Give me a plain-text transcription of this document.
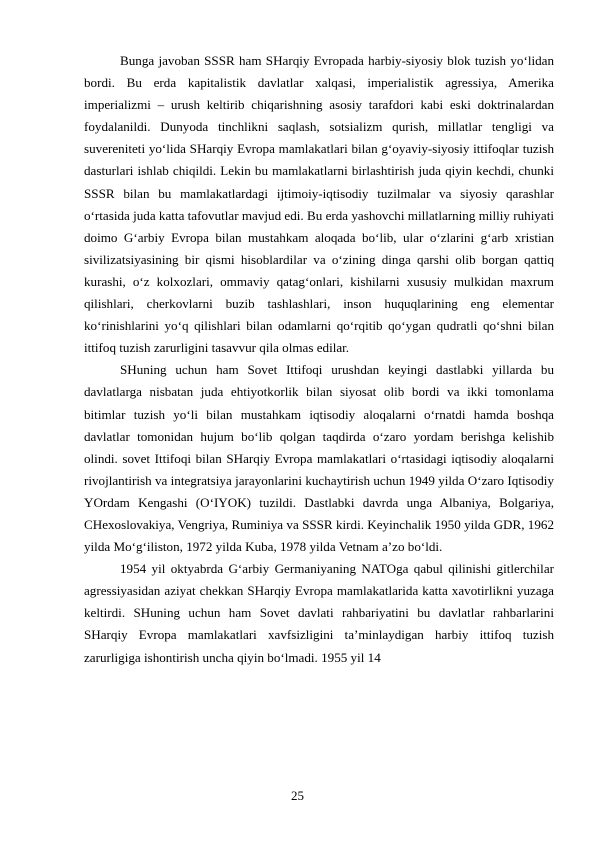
Bunga javoban SSSR ham SHarqiy Evropada harbiy-siyosiy blok tuzish yo‘lidan bordi. Bu erda kapitalistik davlatlar xalqasi, imperialistik agressiya, Amerika imperializmi – urush keltirib chiqarishning asosiy tarafdori kabi eski doktrinalardan foydalanildi. Dunyoda tinchlikni saqlash, sotsializm qurish, millatlar tengligi va suvereniteti yo‘lida SHarqiy Evropa mamlakatlari bilan g‘oyaviy-siyosiy ittifoqlar tuzish dasturlari ishlab chiqildi. Lekin bu mamlakatlarni birlashtirish juda qiyin kechdi, chunki SSSR bilan bu mamlakatlardagi ijtimoiy-iqtisodiy tuzilmalar va siyosiy qarashlar o‘rtasida juda katta tafovutlar mavjud edi. Bu erda yashovchi millatlarning milliy ruhiyati doimo G‘arbiy Evropa bilan mustahkam aloqada bo‘lib, ular o‘zlarini g‘arb xristian sivilizatsiyasining bir qismi hisoblardilar va o‘zining dinga qarshi olib borgan qattiq kurashi, o‘z kolxozlari, ommaviy qatag‘onlari, kishilarni xususiy mulkidan maxrum qilishlari, cherkovlarni buzib tashlashlari, inson huquqlarining eng elementar ko‘rinishlarini yo‘q qilishlari bilan odamlarni qo‘rqitib qo‘ygan qudratli qo‘shni bilan ittifoq tuzish zarurligini tasavvur qila olmas edilar.

SHuning uchun ham Sovet Ittifoqi urushdan keyingi dastlabki yillarda bu davlatlarga nisbatan juda ehtiyotkorlik bilan siyosat olib bordi va ikki tomonlama bitimlar tuzish yo‘li bilan mustahkam iqtisodiy aloqalarni o‘rnatdi hamda boshqa davlatlar tomonidan hujum bo‘lib qolgan taqdirda o‘zaro yordam berishga kelishib olindi. sovet Ittifoqi bilan SHarqiy Evropa mamlakatlari o‘rtasidagi iqtisodiy aloqalarni rivojlantirish va integratsiya jarayonlarini kuchaytirish uchun 1949 yilda O‘zaro Iqtisodiy YOrdam Kengashi (O‘IYOK) tuzildi. Dastlabki davrda unga Albaniya, Bolgariya, CHexoslovakiya, Vengriya, Ruminiya va SSSR kirdi. Keyinchalik 1950 yilda GDR, 1962 yilda Mo‘g‘iliston, 1972 yilda Kuba, 1978 yilda Vetnam a’zo bo‘ldi.

1954 yil oktyabrda G‘arbiy Germaniyaning NATOga qabul qilinishi gitlerchilar agressiyasidan aziyat chekkan SHarqiy Evropa mamlakatlarida katta xavotirlikni yuzaga keltirdi. SHuning uchun ham Sovet davlati rahbariyatini bu davlatlar rahbarlarini SHarqiy Evropa mamlakatlari xavfsizligini ta’minlaydigan harbiy ittifoq tuzish zarurligiga ishontirish uncha qiyin bo‘lmadi. 1955 yil 14

25
